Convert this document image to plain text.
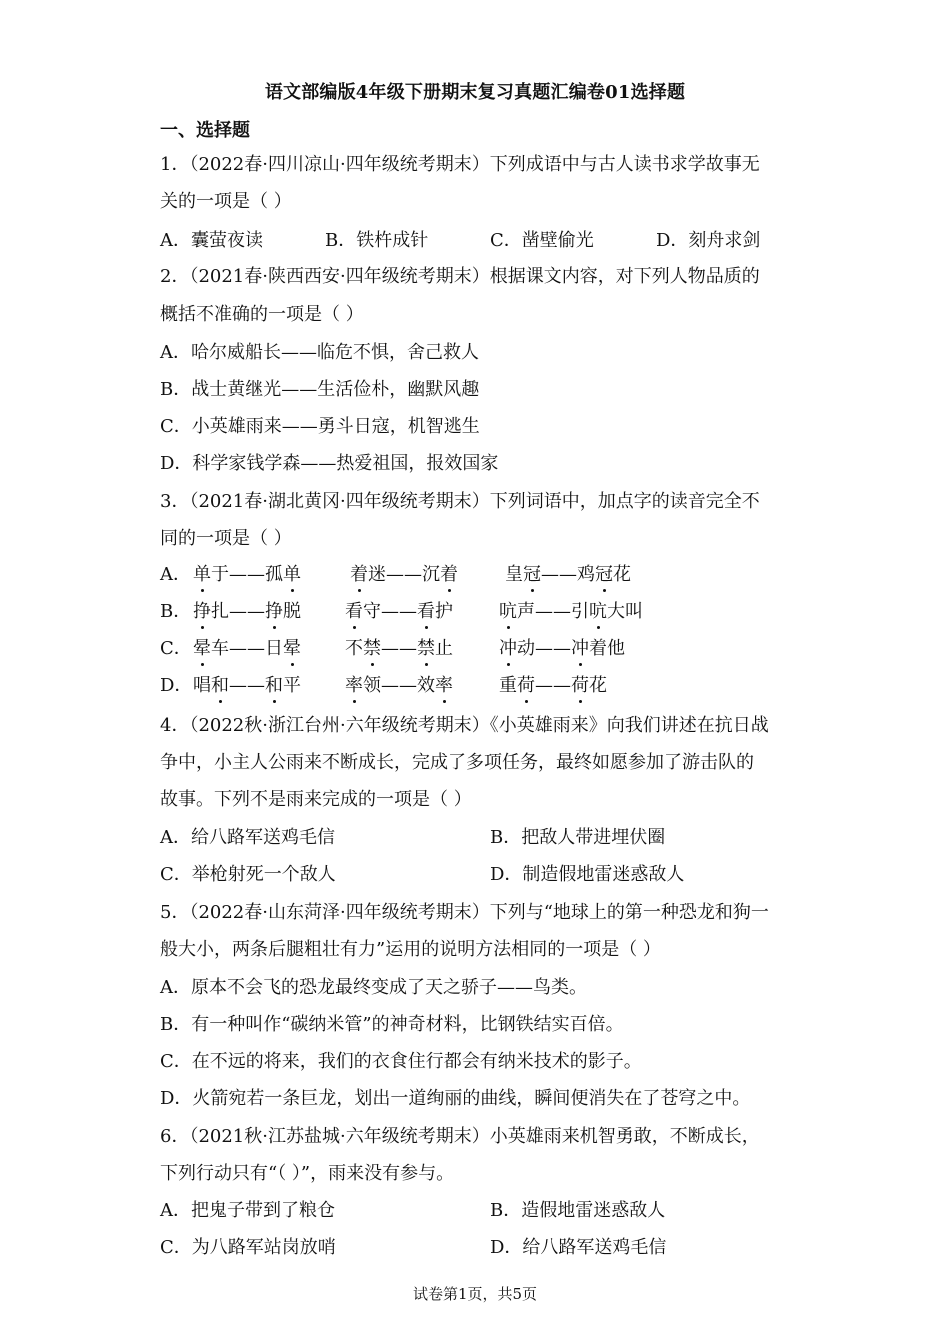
语文部编版4年级下册期末复习真题汇编卷01选择题
一、选择题
1．（2022春·四川凉山·四年级统考期末）下列成语中与古人读书求学故事无
关的一项是（ ）
A．囊萤夜读	B．铁杵成针	C．凿壁偷光	D．刻舟求剑
2．（2021春·陕西西安·四年级统考期末）根据课文内容，对下列人物品质的
概括不准确的一项是（ ）
A．哈尔威船长——临危不惧，舍己救人
B．战士黄继光——生活俭朴，幽默风趣
C．小英雄雨来——勇斗日寇，机智逃生
D．科学家钱学森——热爱祖国，报效国家
3．（2021春·湖北黄冈·四年级统考期末）下列词语中，加点字的读音完全不
同的一项是（ ）
A． 单于——孤单	着迷——沉着	皇冠——鸡冠花
B． 挣扎——挣脱 看守——看护	吭声——引吭大叫
C． 晕车——日晕 不禁——禁止	冲动——冲着他
D． 唱和——和平 率领——效率	重荷——荷花
4．（2022秋·浙江台州·六年级统考期末）《小英雄雨来》向我们讲述在抗日战
争中，小主人公雨来不断成长，完成了多项任务，最终如愿参加了游击队的
故事。下列不是雨来完成的一项是（ ）
A．给八路军送鸡毛信	B．把敌人带进埋伏圈
C．举枪射死一个敌人	D．制造假地雷迷惑敌人
5．（2022春·山东菏泽·四年级统考期末）下列与“地球上的第一种恐龙和狗一
般大小，两条后腿粗壮有力”运用的说明方法相同的一项是（ ）
A．原本不会飞的恐龙最终变成了天之骄子——鸟类。
B．有一种叫作“碳纳米管”的神奇材料，比钢铁结实百倍。
C．在不远的将来，我们的衣食住行都会有纳米技术的影子。
D．火箭宛若一条巨龙，划出一道绚丽的曲线，瞬间便消失在了苍穹之中。
6．（2021秋·江苏盐城·六年级统考期末）小英雄雨来机智勇敢，不断成长，
下列行动只有“（ ）”，雨来没有参与。
A．把鬼子带到了粮仓	B．造假地雷迷惑敌人
C．为八路军站岗放哨	D．给八路军送鸡毛信
试卷第1页，共5页
